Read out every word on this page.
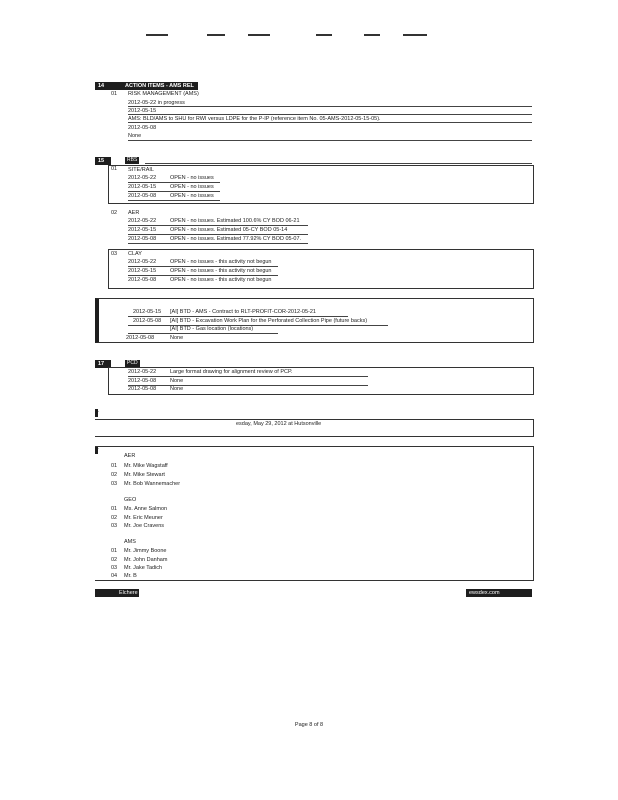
14	ACTION ITEMS - AMS REL
01 RISK MANAGEMENT (AMS)
2012-05-22 in progress
2012-05-15
AMS: BLD/AMS to SHU for RWI versus LDPE for the P-IP (reference item No. 05-AMS-2012-05-15-05).
2012-05-08
None
15	RBS
01 SITE/RAIL
2012-05-22	OPEN - no issues
2012-05-15	OPEN - no issues
2012-05-08	OPEN - no issues
02 AER
2012-05-22	OPEN - no issues. Estimated 100.6% CY BOD 06-21
2012-05-15	OPEN - no issues. Estimated 05-CY BOD 05-14
2012-05-08	OPEN - no issues. Estimated 77.92% CY BOD 05-07.
03 CLAY
2012-05-22	OPEN - no issues - this activity not begun
2012-05-15	OPEN - no issues - this activity not begun
2012-05-08	OPEN - no issues - this activity not begun
16
2012-05-15 [AI] BTD - AMS - Contract to RLT-PROFIT-COR-2012-05-21
2012-05-08 [AI] BTD - Excavation Work Plan for the Perforated Collection Pipe (future backs)
[AI] BTD - Gas location (locations)
2012-05-08	None
17	PCD
2012-05-22	Large format drawing for alignment review of PCP.
2012-05-08	None
2012-05-08	None
18
esday, May 29, 2012 at Hutsonville
19
AER
01 Mr. Mike Wagstaff
02 Mr. Mike Stewart
03 Mr. Bob Wannemacher
GEO
01 Ms. Anne Salmon
02 Mr. Eric Meuner
03 Mr. Joe Cravens
AMS
01 Mr. Jimmy Boone
02 Mr. John Danham
03 Mr. Jake Tadich
04 Mr. B
Elchere	ewsdex.com
Page 8 of 8
